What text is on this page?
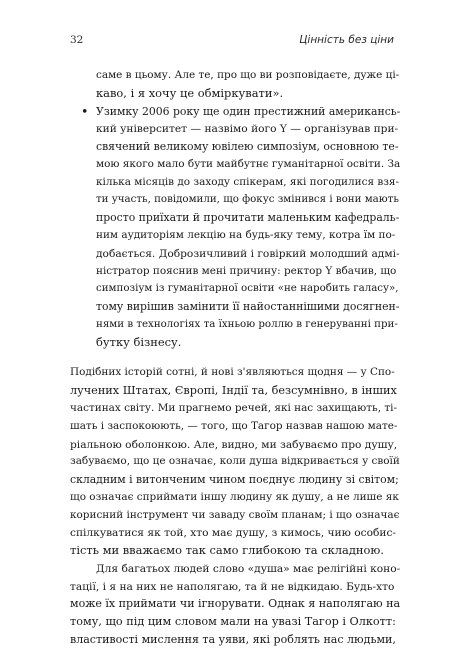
32	Цінність без ціни
саме в цьому. Але те, про що ви розповідаєте, дуже ці-
каво, і я хочу це обміркувати».
• Узимку 2006 року ще один престижний американсь-
кий університет — назвімо його Y — організував при-
свячений великому ювілею симпозіум, основною те-
мою якого мало бути майбутнє гуманітарної освіти. За
кілька місяців до заходу спікерам, які погодилися взя-
ти участь, повідомили, що фокус змінився і вони мають
просто приїхати й прочитати маленьким кафедраль-
ним аудиторіям лекцію на будь-яку тему, котра їм по-
добається. Доброзичливий і говіркий молодший адмі-
ністратор пояснив мені причину: ректор Y вбачив, що
симпозіум із гуманітарної освіти «не наробить галасу»,
тому вирішив замінити її найостаннішими досягнен-
нями в технологіях та їхньою роллю в генеруванні при-
бутку бізнесу.
Подібних історій сотні, й нові з'являються щодня — у Спо-
лучених Штатах, Європі, Індії та, безсумнівно, в інших
частинах світу. Ми прагнемо речей, які нас захищають, ті-
шать і заспокоюють, — того, що Тагор назвав нашою мате-
ріальною оболонкою. Але, видно, ми забуваємо про душу,
забуваємо, що це означає, коли душа відкривається у своїй
складним і витонченим чином поєднує людину зі світом;
що означає сприймати іншу людину як душу, а не лише як
корисний інструмент чи заваду своїм планам; і що означає
спілкуватися як той, хто має душу, з кимось, чию особис-
тість ми вважаємо так само глибокою та складною.
Для багатьох людей слово «душа» має релігійні коно-
тації, і я на них не наполягаю, та й не відкидаю. Будь-хто
може їх приймати чи ігнорувати. Однак я наполягаю на
тому, що під цим словом мали на увазі Тагор і Олкотт:
властивості мислення та уяви, які роблять нас людьми,
